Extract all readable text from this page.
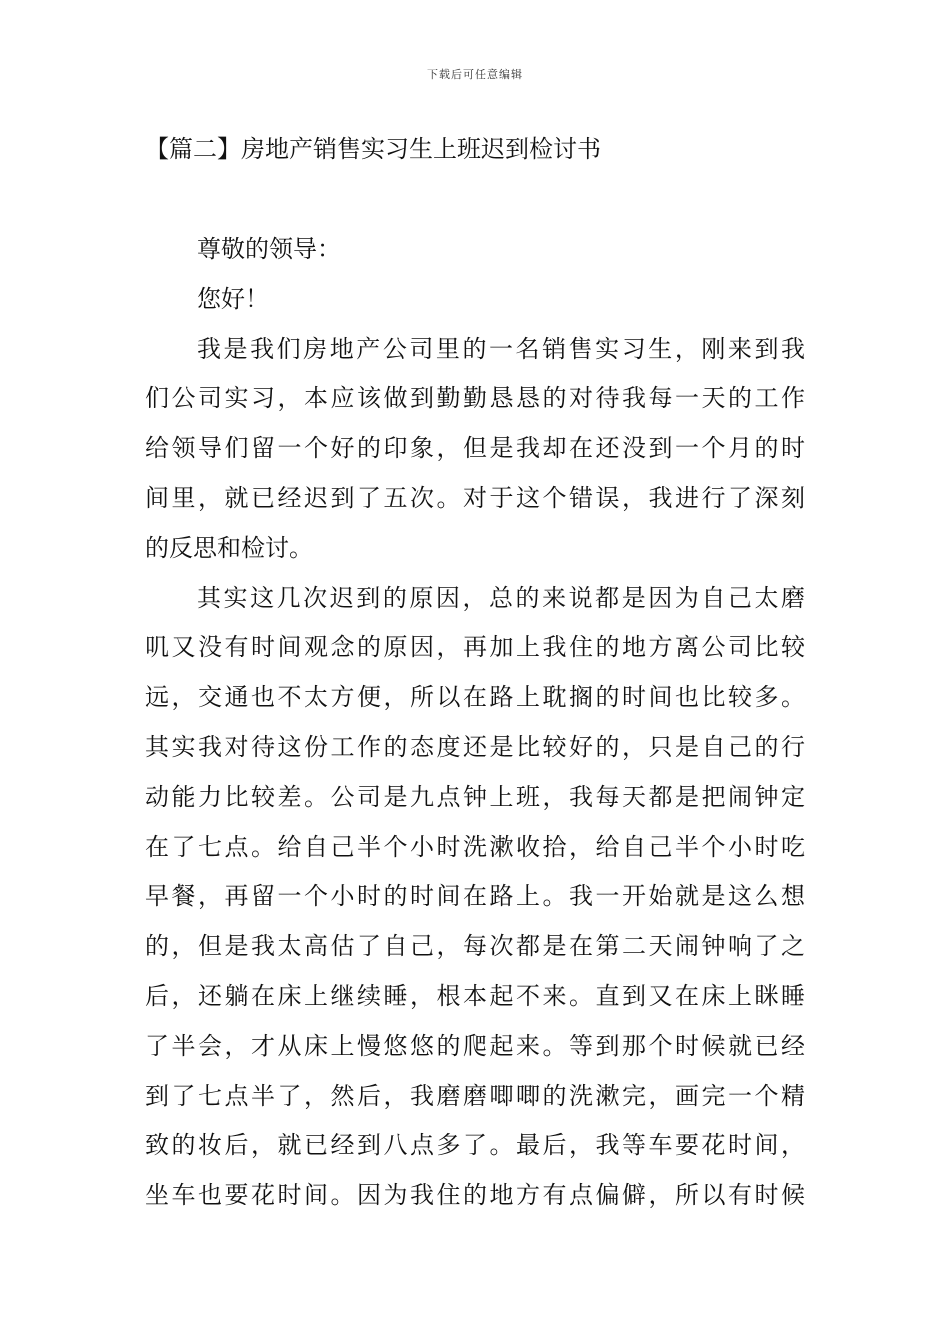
下载后可任意编辑
【篇二】房地产销售实习生上班迟到检讨书
尊敬的领导：
您好！
我是我们房地产公司里的一名销售实习生，刚来到我
们公司实习，本应该做到勤勤恳恳的对待我每一天的工作
给领导们留一个好的印象，但是我却在还没到一个月的时
间里，就已经迟到了五次。对于这个错误，我进行了深刻
的反思和检讨。
其实这几次迟到的原因，总的来说都是因为自己太磨
叽又没有时间观念的原因，再加上我住的地方离公司比较
远，交通也不太方便，所以在路上耽搁的时间也比较多。
其实我对待这份工作的态度还是比较好的，只是自己的行
动能力比较差。公司是九点钟上班，我每天都是把闹钟定
在了七点。给自己半个小时洗漱收拾，给自己半个小时吃
早餐，再留一个小时的时间在路上。我一开始就是这么想
的，但是我太高估了自己，每次都是在第二天闹钟响了之
后，还躺在床上继续睡，根本起不来。直到又在床上眯睡
了半会，才从床上慢悠悠的爬起来。等到那个时候就已经
到了七点半了，然后，我磨磨唧唧的洗漱完，画完一个精
致的妆后，就已经到八点多了。最后，我等车要花时间，
坐车也要花时间。因为我住的地方有点偏僻，所以有时候
